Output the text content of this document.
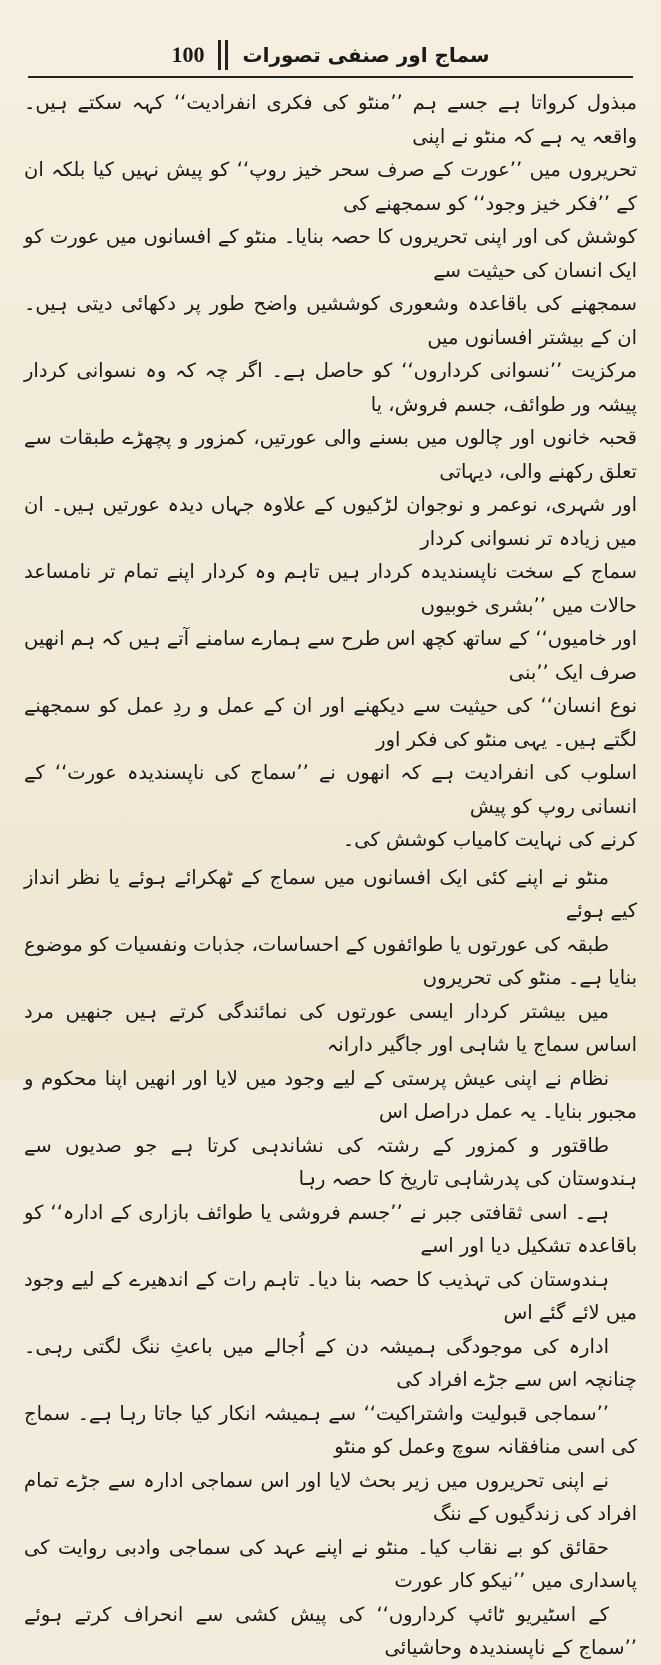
100 سماج اور صنفی تصورات

مبذول کرواتا ہے جسے ہم ’’منٹو کی فکری انفرادیت‘‘ کہہ سکتے ہیں۔ واقعہ یہ ہے کہ منٹو نے اپنی
تحریروں میں ’’عورت کے صرف سحر خیز روپ‘‘ کو پیش نہیں کیا بلکہ ان کے ’’فکر خیز وجود‘‘ کو سمجھنے کی
کوشش کی اور اپنی تحریروں کا حصہ بنایا۔ منٹو کے افسانوں میں عورت کو ایک انسان کی حیثیت سے
سمجھنے کی باقاعدہ وشعوری کوششیں واضح طور پر دکھائی دیتی ہیں۔ ان کے بیشتر افسانوں میں
مرکزیت ’’نسوانی کرداروں‘‘ کو حاصل ہے۔ اگر چہ کہ وہ نسوانی کردار پیشہ ور طوائف، جسم فروش، یا
قحبہ خانوں اور چالوں میں بسنے والی عورتیں، کمزور و پچھڑے طبقات سے تعلق رکھنے والی، دیہاتی
اور شہری، نوعمر و نوجوان لڑکیوں کے علاوہ جہاں دیدہ عورتیں ہیں۔ ان میں زیادہ تر نسوانی کردار
سماج کے سخت ناپسندیدہ کردار ہیں تاہم وہ کردار اپنے تمام تر نامساعد حالات میں ’’بشری خوبیوں
اور خامیوں‘‘ کے ساتھ کچھ اس طرح سے ہمارے سامنے آتے ہیں کہ ہم انھیں صرف ایک ’’بنی
نوع انسان‘‘ کی حیثیت سے دیکھنے اور ان کے عمل و ردِ عمل کو سمجھنے لگتے ہیں۔ یہی منٹو کی فکر اور
اسلوب کی انفرادیت ہے کہ انھوں نے ’’سماج کی ناپسندیدہ عورت‘‘ کے انسانی روپ کو پیش
کرنے کی نہایت کامیاب کوشش کی۔

منٹو نے اپنے کئی ایک افسانوں میں سماج کے ٹھکرائے ہوئے یا نظر انداز کیے ہوئے
طبقہ کی عورتوں یا طوائفوں کے احساسات، جذبات ونفسیات کو موضوع بنایا ہے۔ منٹو کی تحریروں
میں بیشتر کردار ایسی عورتوں کی نمائندگی کرتے ہیں جنھیں مرد اساس سماج یا شاہی اور جاگیر دارانہ
نظام نے اپنی عیش پرستی کے لیے وجود میں لایا اور انھیں اپنا محکوم و مجبور بنایا۔ یہ عمل دراصل اس
طاقتور و کمزور کے رشتہ کی نشاندہی کرتا ہے جو صدیوں سے ہندوستان کی پدرشاہی تاریخ کا حصہ رہا
ہے۔ اسی ثقافتی جبر نے ’’جسم فروشی یا طوائف بازاری کے ادارہ‘‘ کو باقاعدہ تشکیل دیا اور اسے
ہندوستان کی تہذیب کا حصہ بنا دیا۔ تاہم رات کے اندھیرے کے لیے وجود میں لائے گئے اس
ادارہ کی موجودگی ہمیشہ دن کے اُجالے میں باعثِ ننگ لگتی رہی۔ چنانچہ اس سے جڑے افراد کی
’’سماجی قبولیت واشتراکیت‘‘ سے ہمیشہ انکار کیا جاتا رہا ہے۔ سماج کی اسی منافقانہ سوچ وعمل کو منٹو
نے اپنی تحریروں میں زیر بحث لایا اور اس سماجی ادارہ سے جڑے تمام افراد کی زندگیوں کے ننگ
حقائق کو بے نقاب کیا۔ منٹو نے اپنے عہد کی سماجی وادبی روایت کی پاسداری میں ’’نیکو کار عورت
کے اسٹیریو ٹائپ کرداروں‘‘ کی پیش کشی سے انحراف کرتے ہوئے ’’سماج کے ناپسندیدہ وحاشیائی
